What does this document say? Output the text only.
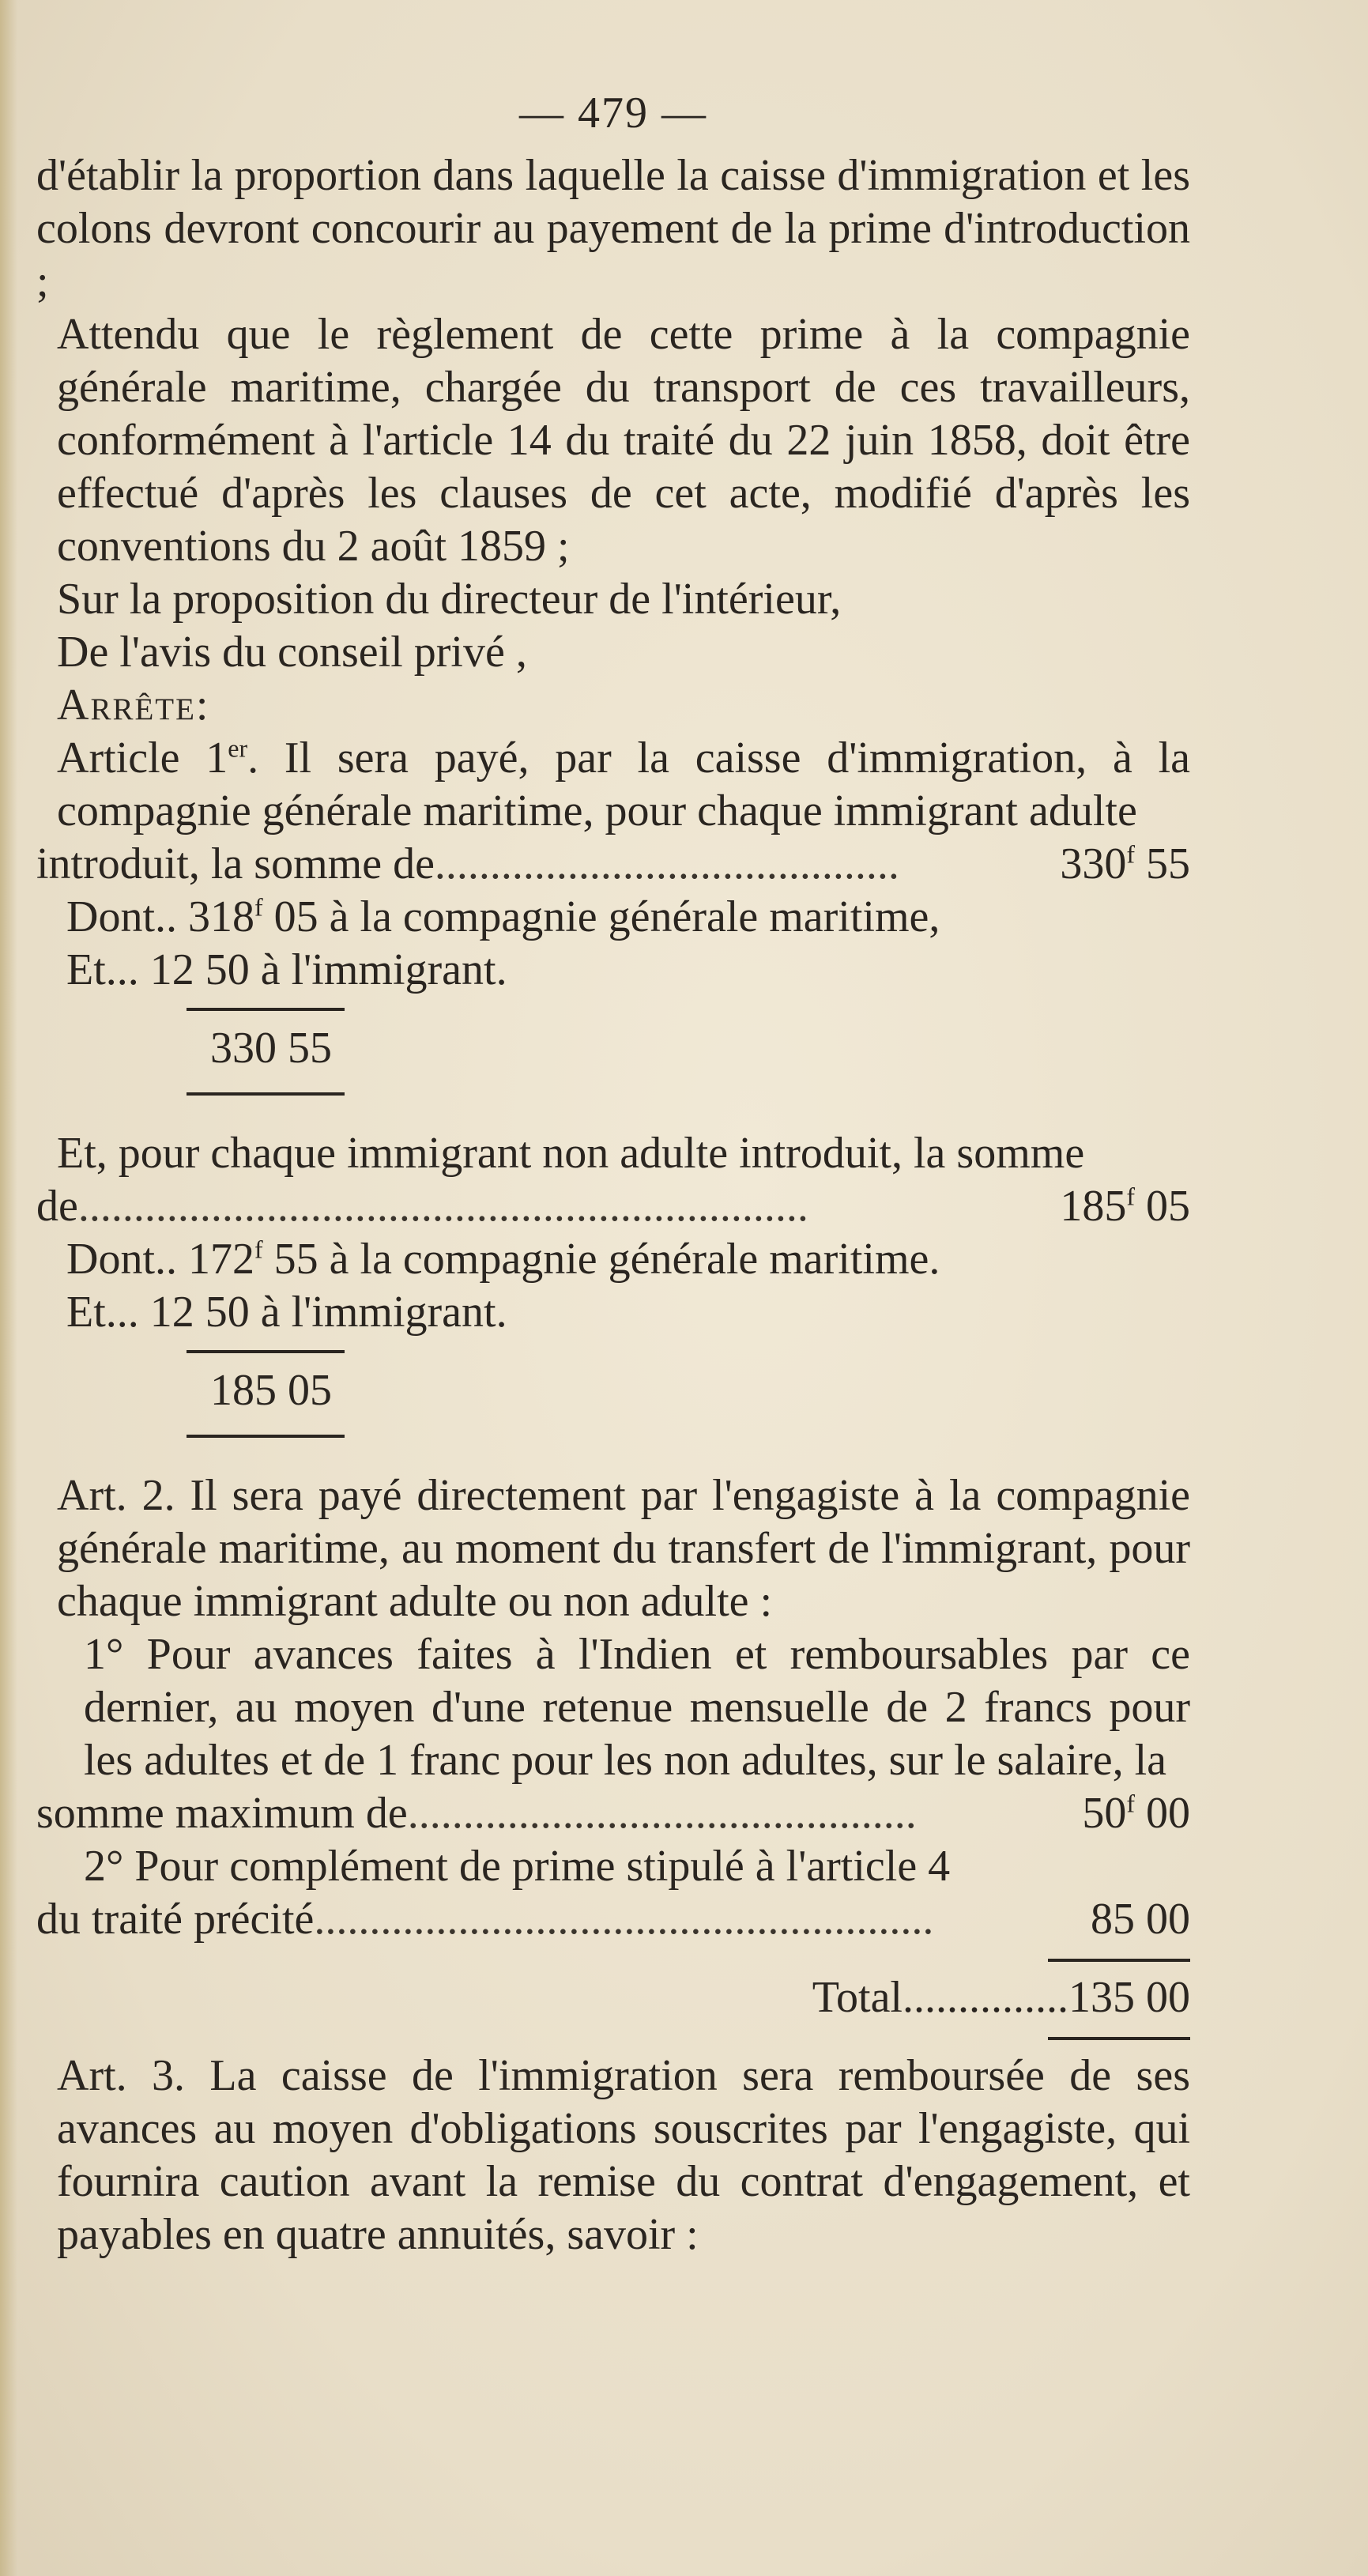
— 479 —

d'établir la proportion dans laquelle la caisse d'immigration et les colons devront concourir au payement de la prime d'introduction ;

Attendu que le règlement de cette prime à la compagnie générale maritime, chargée du transport de ces travailleurs, conformément à l'article 14 du traité du 22 juin 1858, doit être effectué d'après les clauses de cet acte, modifié d'après les conventions du 2 août 1859 ;

Sur la proposition du directeur de l'intérieur,

De l'avis du conseil privé ,

Arrête:

Article 1er. Il sera payé, par la caisse d'immigration, à la compagnie générale maritime, pour chaque immigrant adulte

introduit, la somme de ..........................................	330$^f$ 55
Dont.. 318$^f$ 05 à la compagnie générale maritime,
Et... 12 50 à l'immigrant.
330 55

Et, pour chaque immigrant non adulte introduit, la somme

de ..................................................................	185$^f$ 05
Dont.. 172$^f$ 55 à la compagnie générale maritime.
Et... 12 50 à l'immigrant.
185 05

Art. 2. Il sera payé directement par l'engagiste à la compagnie générale maritime, au moment du transfert de l'immigrant, pour chaque immigrant adulte ou non adulte :

1° Pour avances faites à l'Indien et remboursables par ce dernier, au moyen d'une retenue mensuelle de 2 francs pour les adultes et de 1 franc pour les non adultes, sur le salaire, la

somme maximum de ..............................................	50$^f$ 00

2° Pour complément de prime stipulé à l'article 4

du traité précité ........................................................	85 00
Total ............... 135 00

Art. 3. La caisse de l'immigration sera remboursée de ses avances au moyen d'obligations souscrites par l'engagiste, qui fournira caution avant la remise du contrat d'engagement, et payables en quatre annuités, savoir :
